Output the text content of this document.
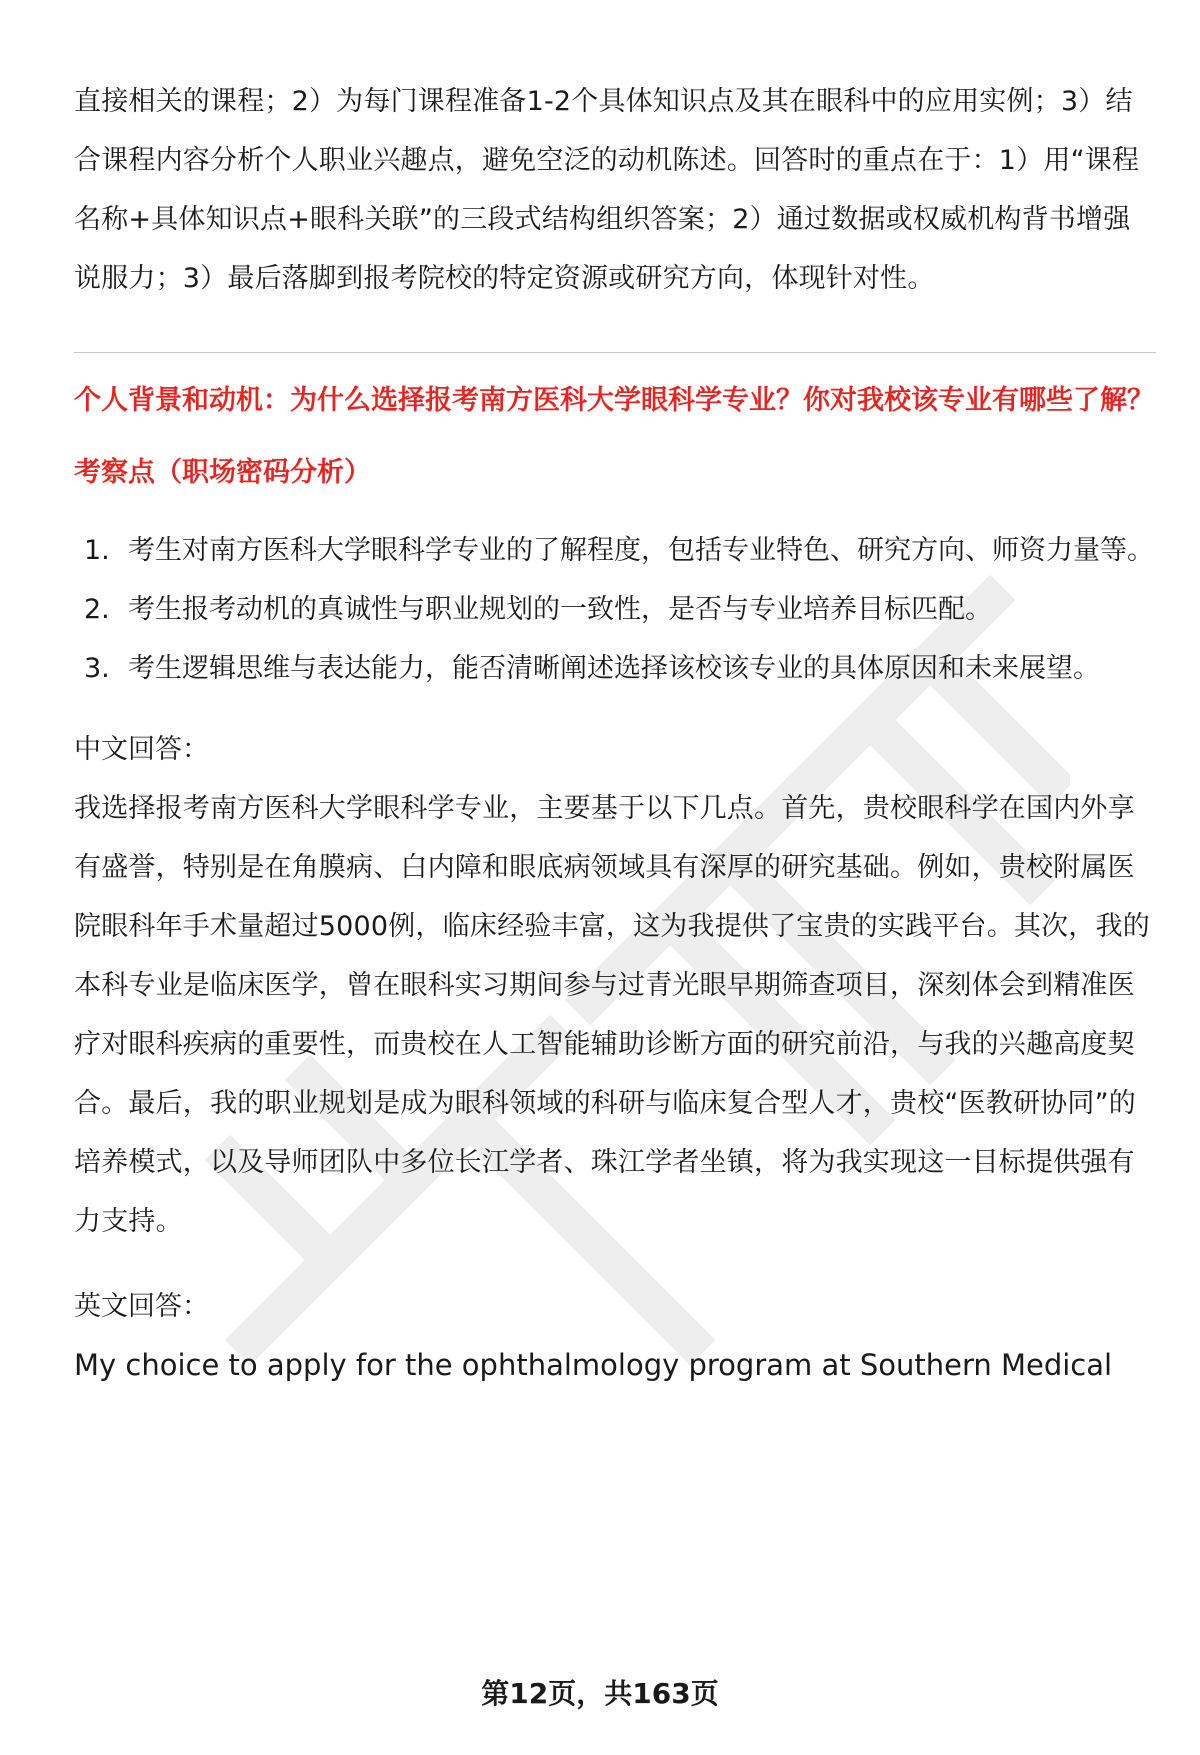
直接相关的课程；2）为每门课程准备1-2个具体知识点及其在眼科中的应用实例；3）结合课程内容分析个人职业兴趣点，避免空泛的动机陈述。回答时的重点在于：1）用“课程名称+具体知识点+眼科关联”的三段式结构组织答案；2）通过数据或权威机构背书增强说服力；3）最后落脚到报考院校的特定资源或研究方向，体现针对性。

个人背景和动机：为什么选择报考南方医科大学眼科学专业？你对我校该专业有哪些了解？

考察点（职场密码分析）

1. 考生对南方医科大学眼科学专业的了解程度，包括专业特色、研究方向、师资力量等。
2. 考生报考动机的真诚性与职业规划的一致性，是否与专业培养目标匹配。
3. 考生逻辑思维与表达能力，能否清晰阐述选择该校该专业的具体原因和未来展望。

中文回答：

我选择报考南方医科大学眼科学专业，主要基于以下几点。首先，贵校眼科学在国内外享有盛誉，特别是在角膜病、白内障和眼底病领域具有深厚的研究基础。例如，贵校附属医院眼科年手术量超过5000例，临床经验丰富，这为我提供了宝贵的实践平台。其次，我的本科专业是临床医学，曾在眼科实习期间参与过青光眼早期筛查项目，深刻体会到精准医疗对眼科疾病的重要性，而贵校在人工智能辅助诊断方面的研究前沿，与我的兴趣高度契合。最后，我的职业规划是成为眼科领域的科研与临床复合型人才，贵校“医教研协同”的培养模式，以及导师团队中多位长江学者、珠江学者坐镇，将为我实现这一目标提供强有力支持。

英文回答：

My choice to apply for the ophthalmology program at Southern Medical

第12页，共163页
